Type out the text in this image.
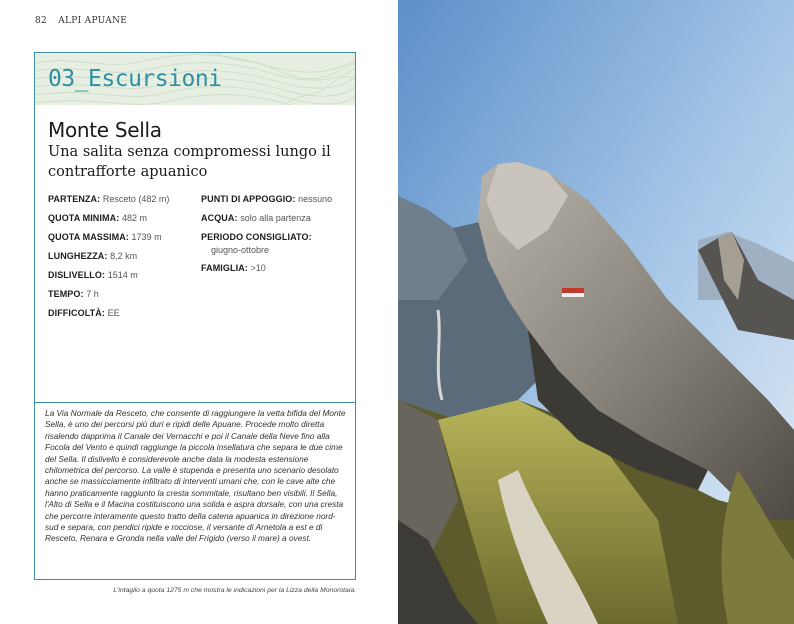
82 ALPI APUANE
03_Escursioni
Monte Sella
Una salita senza compromessi lungo il contrafforte apuanico
PARTENZA: Resceto (482 m)
QUOTA MINIMA: 482 m
QUOTA MASSIMA: 1739 m
LUNGHEZZA: 8,2 km
DISLIVELLO: 1514 m
TEMPO: 7 h
DIFFICOLTÀ: EE
PUNTI DI APPOGGIO: nessuno
ACQUA: solo alla partenza
PERIODO CONSIGLIATO:
giugno-ottobre
FAMIGLIA: >10
La Via Normale da Resceto, che consente di raggiungere la vetta bifida del Monte Sella, è uno dei percorsi più duri e ripidi delle Apuane. Procede molto diretta risalendo dapprima il Canale dei Vernacchi e poi il Canale della Neve fino alla Focola del Vento e quindi raggiunge la piccola insellatura che separa le due cime del Sella. Il dislivello è considerevole anche data la modesta estensione chilometrica del percorso. La valle è stupenda e presenta uno scenario desolato anche se massicciamente infiltrato di interventi umani che, con le cave alte che hanno praticamente raggiunto la cresta sommitale, risultano ben visibili. Il Sella, l'Alto di Sella e il Macina costituiscono una solida e aspra dorsale, con una cresta che percorre interamente questo tratto della catena apuanica in direzione nord-sud e separa, con pendici ripide e rocciose, il versante di Arnetola a est e di Resceto, Renara e Gronda nella valle del Frigido (verso il mare) a ovest.
L'intaglio a quota 1275 m che mostra le indicazioni per la Lizza della Monorotaia.
